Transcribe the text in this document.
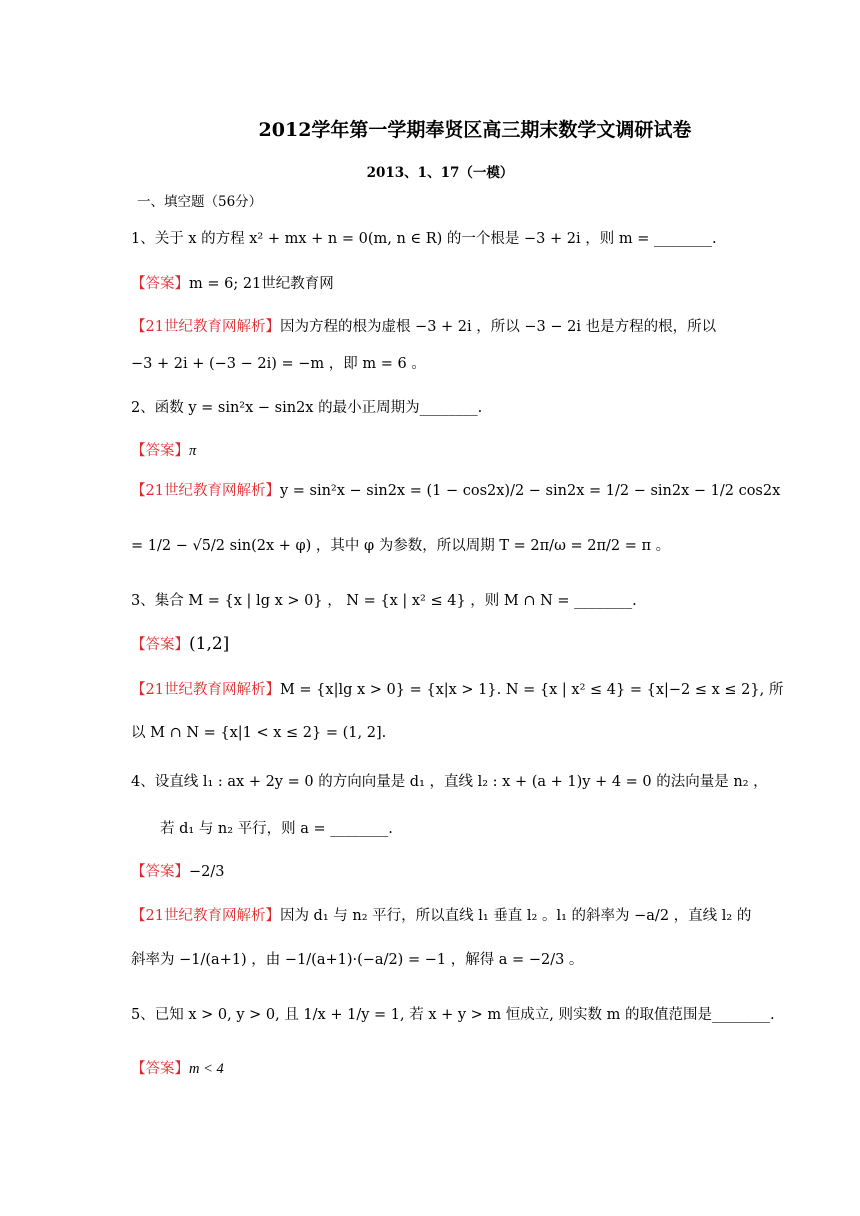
2012学年第一学期奉贤区高三期末数学文调研试卷
2013、1、17（一模）
一、填空题（56分）
1、关于 x 的方程 x² + mx + n = 0(m, n ∈ R) 的一个根是 −3 + 2i ，则 m = ________.
【答案】m = 6; 21世纪教育网
【21世纪教育网解析】因为方程的根为虚根 −3 + 2i ，所以 −3 − 2i 也是方程的根，所以
−3 + 2i + (−3 − 2i) = −m ，即 m = 6 。
2、函数 y = sin²x − sin2x 的最小正周期为________.
【答案】π
【21世纪教育网解析】y = sin²x − sin2x = (1 − cos2x)/2 − sin2x = 1/2 − sin2x − 1/2 cos2x
= 1/2 − √5/2 sin(2x + φ) ，其中 φ 为参数，所以周期 T = 2π/ω = 2π/2 = π 。
3、集合 M = {x | lg x > 0} ， N = {x | x² ≤ 4} ，则 M ∩ N = ________.
【答案】(1,2]
【21世纪教育网解析】M = {x|lg x > 0} = {x|x > 1}. N = {x | x² ≤ 4} = {x|−2 ≤ x ≤ 2}, 所
以 M ∩ N = {x|1 < x ≤ 2} = (1, 2].
4、设直线 l₁ : ax + 2y = 0 的方向向量是 d₁ ，直线 l₂ : x + (a + 1)y + 4 = 0 的法向量是 n₂ ，
若 d₁ 与 n₂ 平行，则 a = ________.
【答案】−2/3
【21世纪教育网解析】因为 d₁ 与 n₂ 平行，所以直线 l₁ 垂直 l₂ 。l₁ 的斜率为 −a/2 ，直线 l₂ 的
斜率为 −1/(a+1) ，由 −1/(a+1)·(−a/2) = −1 ，解得 a = −2/3 。
5、已知 x > 0, y > 0, 且 1/x + 1/y = 1, 若 x + y > m 恒成立, 则实数 m 的取值范围是________.
【答案】m < 4
